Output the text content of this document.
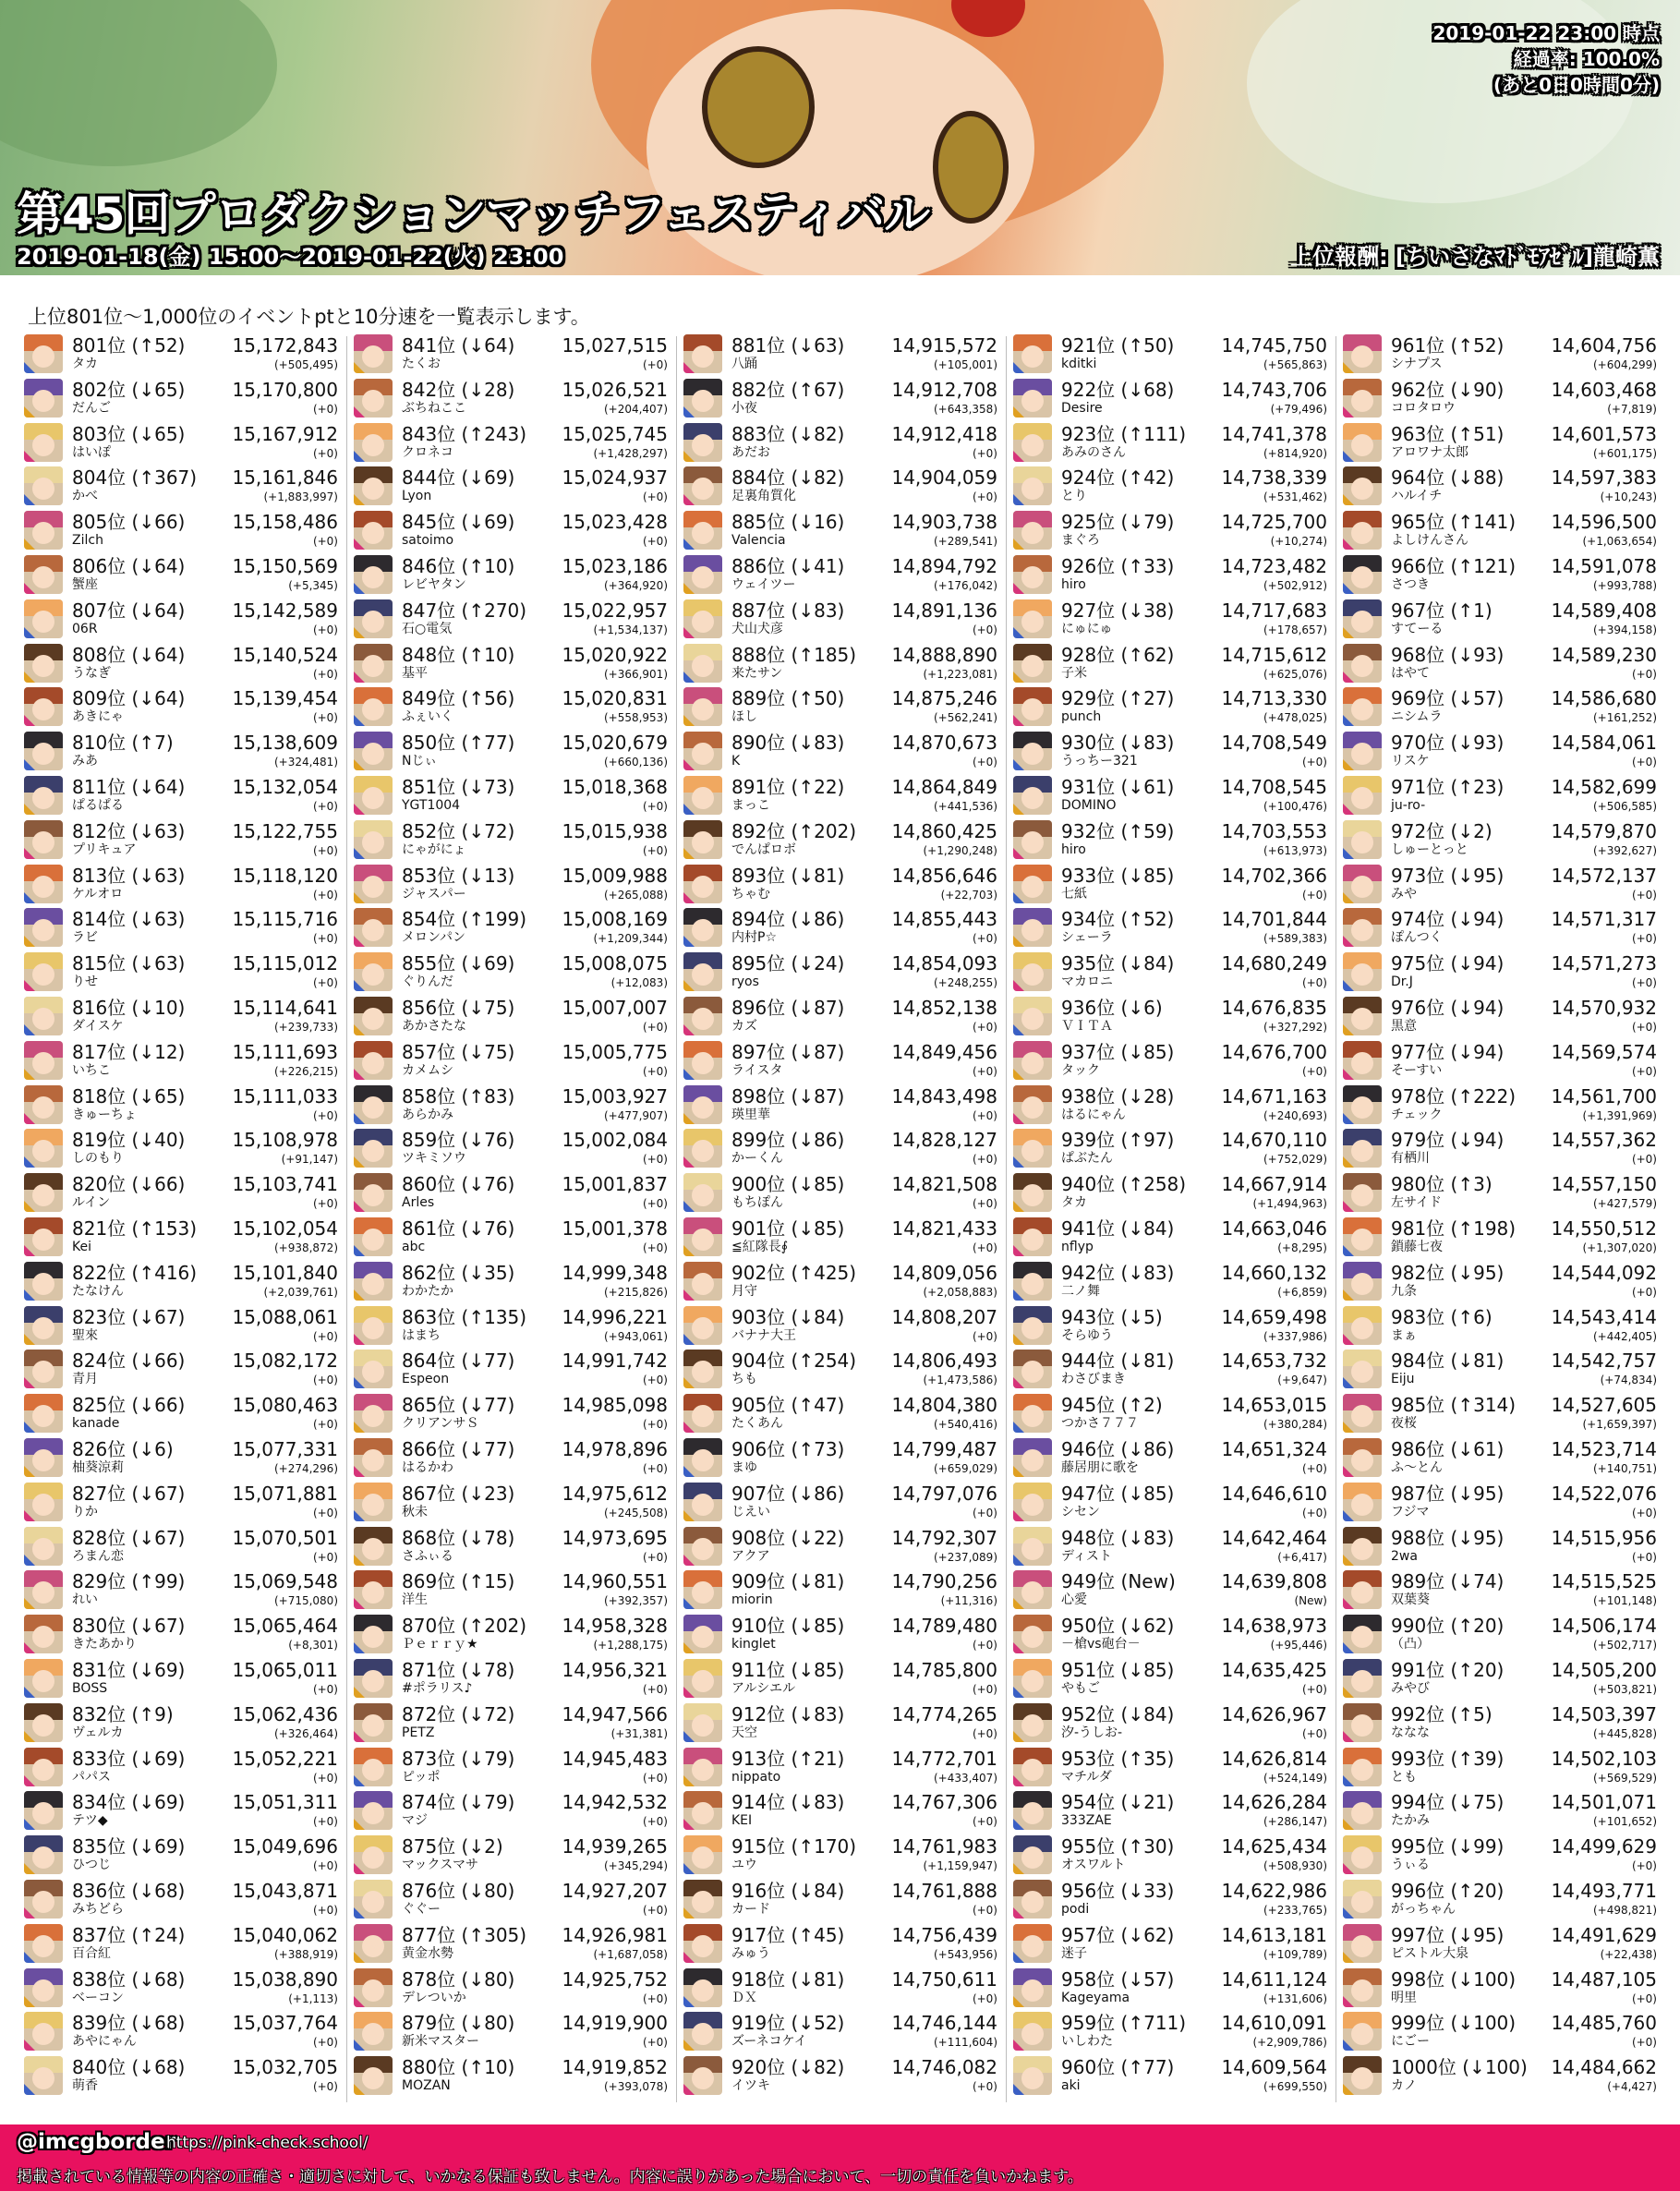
2019-01-22 23:00 時点
経過率: 100.0%
(あと0日0時間0分)
第45回プロダクションマッチフェスティバル
2019-01-18(金) 15:00～2019-01-22(火) 23:00	上位報酬: [ちいさなﾏﾄﾞﾓｱｾﾞﾙ]龍崎薫
上位801位～1,000位のイベントptと10分速を一覧表示します。
801位 (↑52)	15,172,843
タカ	(+505,495)
802位 (↓65)	15,170,800
だんご	(+0)
803位 (↓65)	15,167,912
はいぽ	(+0)
804位 (↑367) 15,161,846
かべ	(+1,883,997)
805位 (↓66)	15,158,486
Zilch	(+0)
806位 (↓64)	15,150,569
蟹座	(+5,345)
807位 (↓64)	15,142,589
06R	(+0)
808位 (↓64)	15,140,524
うなぎ	(+0)
809位 (↓64)	15,139,454
あきにゃ	(+0)
810位 (↑7)	15,138,609
みあ	(+324,481)
811位 (↓64)	15,132,054
ぱるぱる	(+0)
812位 (↓63)	15,122,755
プリキュア	(+0)
813位 (↓63)	15,118,120
ケルオロ	(+0)
814位 (↓63)	15,115,716
ラビ	(+0)
815位 (↓63)	15,115,012
りせ	(+0)
816位 (↓10)	15,114,641
ダイスケ	(+239,733)
817位 (↓12)	15,111,693
いちこ	(+226,215)
818位 (↓65)	15,111,033
きゅーちょ	(+0)
819位 (↓40)	15,108,978
しのもり	(+91,147)
820位 (↓66)	15,103,741
ルイン	(+0)
821位 (↑153) 15,102,054
Kei	(+938,872)
822位 (↑416) 15,101,840
たなけん	(+2,039,761)
823位 (↓67)	15,088,061
聖來	(+0)
824位 (↓66)	15,082,172
青月	(+0)
825位 (↓66)	15,080,463
kanade	(+0)
826位 (↓6)	15,077,331
柚葵涼莉	(+274,296)
827位 (↓67)	15,071,881
りか	(+0)
828位 (↓67)	15,070,501
ろまん恋	(+0)
829位 (↑99)	15,069,548
れい	(+715,080)
830位 (↓67)	15,065,464
きたあかり	(+8,301)
831位 (↓69)	15,065,011
BOSS	(+0)
832位 (↑9)	15,062,436
ヴェルカ	(+326,464)
833位 (↓69)	15,052,221
パパス	(+0)
834位 (↓69)	15,051,311
テツ◆	(+0)
835位 (↓69)	15,049,696
ひつじ	(+0)
836位 (↓68)	15,043,871
みちどら	(+0)
837位 (↑24)	15,040,062
百合紅	(+388,919)
838位 (↓68)	15,038,890
ベーコン	(+1,113)
839位 (↓68)	15,037,764
あやにゃん	(+0)
840位 (↓68)	15,032,705
萌香	(+0)
841位 (↓64)	15,027,515
たくお	(+0)
842位 (↓28)	15,026,521
ぶちねここ	(+204,407)
843位 (↑243) 15,025,745
クロネコ	(+1,428,297)
844位 (↓69)	15,024,937
Lyon	(+0)
845位 (↓69)	15,023,428
satoimo	(+0)
846位 (↑10)	15,023,186
レビヤタン	(+364,920)
847位 (↑270) 15,022,957
石○電気	(+1,534,137)
848位 (↑10)	15,020,922
基平	(+366,901)
849位 (↑56)	15,020,831
ふぇいく	(+558,953)
850位 (↑77)	15,020,679
Nじぃ	(+660,136)
851位 (↓73)	15,018,368
YGT1004	(+0)
852位 (↓72)	15,015,938
にゃがにょ	(+0)
853位 (↓13)	15,009,988
ジャスパー	(+265,088)
854位 (↑199) 15,008,169
メロンパン	(+1,209,344)
855位 (↓69)	15,008,075
ぐりんだ	(+12,083)
856位 (↓75)	15,007,007
あかさたな	(+0)
857位 (↓75)	15,005,775
カメムシ	(+0)
858位 (↑83)	15,003,927
あらかみ	(+477,907)
859位 (↓76)	15,002,084
ツキミソウ	(+0)
860位 (↓76)	15,001,837
Arles	(+0)
861位 (↓76)	15,001,378
abc	(+0)
862位 (↓35)	14,999,348
わかたか	(+215,826)
863位 (↑135) 14,996,221
はまち	(+943,061)
864位 (↓77)	14,991,742
Espeon	(+0)
865位 (↓77)	14,985,098
クリアンサＳ	(+0)
866位 (↓77)	14,978,896
はるかわ	(+0)
867位 (↓23)	14,975,612
秋未	(+245,508)
868位 (↓78)	14,973,695
さふぃる	(+0)
869位 (↑15)	14,960,551
洋生	(+392,357)
870位 (↑202) 14,958,328
Ｐｅｒｒｙ★	(+1,288,175)
871位 (↓78)	14,956,321
#ポラリス♪	(+0)
872位 (↓72)	14,947,566
PETZ	(+31,381)
873位 (↓79)	14,945,483
ピッポ	(+0)
874位 (↓79)	14,942,532
マジ	(+0)
875位 (↓2)	14,939,265
マックスマサ	(+345,294)
876位 (↓80)	14,927,207
ぐぐー	(+0)
877位 (↑305) 14,926,981
黄金水勢	(+1,687,058)
878位 (↓80)	14,925,752
デレついか	(+0)
879位 (↓80)	14,919,900
新米マスター	(+0)
880位 (↑10)	14,919,852
MOZAN	(+393,078)
881位 (↓63)	14,915,572
八踊	(+105,001)
882位 (↑67)	14,912,708
小夜	(+643,358)
883位 (↓82)	14,912,418
あだお	(+0)
884位 (↓82)	14,904,059
足裏角質化	(+0)
885位 (↓16)	14,903,738
Valencia	(+289,541)
886位 (↓41)	14,894,792
ウェイツー	(+176,042)
887位 (↓83)	14,891,136
犬山犬彦	(+0)
888位 (↑185) 14,888,890
来たサン	(+1,223,081)
889位 (↑50)	14,875,246
ほし	(+562,241)
890位 (↓83)	14,870,673
K	(+0)
891位 (↑22)	14,864,849
まっこ	(+441,536)
892位 (↑202) 14,860,425
でんぱロボ	(+1,290,248)
893位 (↓81)	14,856,646
ちゃむ	(+22,703)
894位 (↓86)	14,855,443
内村P☆	(+0)
895位 (↓24)	14,854,093
ryos	(+248,255)
896位 (↓87)	14,852,138
カズ	(+0)
897位 (↓87)	14,849,456
ライスタ	(+0)
898位 (↓87)	14,843,498
瑛里華	(+0)
899位 (↓86)	14,828,127
かーくん	(+0)
900位 (↓85)	14,821,508
もちぽん	(+0)
901位 (↓85)	14,821,433
≦紅隊長∮	(+0)
902位 (↑425) 14,809,056
月守	(+2,058,883)
903位 (↓84)	14,808,207
バナナ大王	(+0)
904位 (↑254) 14,806,493
ちも	(+1,473,586)
905位 (↑47)	14,804,380
たくあん	(+540,416)
906位 (↑73)	14,799,487
まゆ	(+659,029)
907位 (↓86)	14,797,076
じえい	(+0)
908位 (↓22)	14,792,307
アクア	(+237,089)
909位 (↓81)	14,790,256
miorin	(+11,316)
910位 (↓85)	14,789,480
kinglet	(+0)
911位 (↓85)	14,785,800
アルシエル	(+0)
912位 (↓83)	14,774,265
天空	(+0)
913位 (↑21)	14,772,701
nippato	(+433,407)
914位 (↓83)	14,767,306
KEI	(+0)
915位 (↑170) 14,761,983
ユウ	(+1,159,947)
916位 (↓84)	14,761,888
カード	(+0)
917位 (↑45)	14,756,439
みゅう	(+543,956)
918位 (↓81)	14,750,611
ＤＸ	(+0)
919位 (↓52)	14,746,144
ズーネコケイ	(+111,604)
920位 (↓82)	14,746,082
イツキ	(+0)
921位 (↑50)	14,745,750
kditki	(+565,863)
922位 (↓68)	14,743,706
Desire	(+79,496)
923位 (↑111) 14,741,378
あみのさん	(+814,920)
924位 (↑42)	14,738,339
とり	(+531,462)
925位 (↓79)	14,725,700
まぐろ	(+10,274)
926位 (↑33)	14,723,482
hiro	(+502,912)
927位 (↓38)	14,717,683
にゅにゅ	(+178,657)
928位 (↑62)	14,715,612
子米	(+625,076)
929位 (↑27)	14,713,330
punch	(+478,025)
930位 (↓83)	14,708,549
うっちー321	(+0)
931位 (↓61)	14,708,545
DOMINO	(+100,476)
932位 (↑59)	14,703,553
hiro	(+613,973)
933位 (↓85)	14,702,366
七紙	(+0)
934位 (↑52)	14,701,844
シェーラ	(+589,383)
935位 (↓84)	14,680,249
マカロニ	(+0)
936位 (↓6)	14,676,835
ＶＩＴＡ	(+327,292)
937位 (↓85)	14,676,700
タック	(+0)
938位 (↓28)	14,671,163
はるにゃん	(+240,693)
939位 (↑97)	14,670,110
ぱぶたん	(+752,029)
940位 (↑258) 14,667,914
タカ	(+1,494,963)
941位 (↓84)	14,663,046
nflyp	(+8,295)
942位 (↓83)	14,660,132
二ノ舞	(+6,859)
943位 (↓5)	14,659,498
そらゆう	(+337,986)
944位 (↓81)	14,653,732
わさびまき	(+9,647)
945位 (↑2)	14,653,015
つかさ７７７	(+380,284)
946位 (↓86)	14,651,324
藤居朋に歌を	(+0)
947位 (↓85)	14,646,610
シセン	(+0)
948位 (↓83)	14,642,464
ディスト	(+6,417)
949位 (New) 14,639,808
心愛	(New)
950位 (↓62)	14,638,973
－槍vs砲台－	(+95,446)
951位 (↓85)	14,635,425
やもご	(+0)
952位 (↓84)	14,626,967
汐-うしお-	(+0)
953位 (↑35)	14,626,814
マチルダ	(+524,149)
954位 (↓21)	14,626,284
333ZAE	(+286,147)
955位 (↑30)	14,625,434
オスワルト	(+508,930)
956位 (↓33)	14,622,986
podi	(+233,765)
957位 (↓62)	14,613,181
迷子	(+109,789)
958位 (↓57)	14,611,124
Kageyama	(+131,606)
959位 (↑711) 14,610,091
いしわた	(+2,909,786)
960位 (↑77)	14,609,564
aki	(+699,550)
961位 (↑52)	14,604,756
シナプス	(+604,299)
962位 (↓90)	14,603,468
コロタロウ	(+7,819)
963位 (↑51)	14,601,573
アロワナ太郎	(+601,175)
964位 (↓88)	14,597,383
ハルイチ	(+10,243)
965位 (↑141) 14,596,500
よしけんさん	(+1,063,654)
966位 (↑121) 14,591,078
さつき	(+993,788)
967位 (↑1)	14,589,408
すてーる	(+394,158)
968位 (↓93)	14,589,230
はやて	(+0)
969位 (↓57)	14,586,680
ニシムラ	(+161,252)
970位 (↓93)	14,584,061
リスケ	(+0)
971位 (↑23)	14,582,699
ju-ro-	(+506,585)
972位 (↓2)	14,579,870
しゅーとっと	(+392,627)
973位 (↓95)	14,572,137
みや	(+0)
974位 (↓94)	14,571,317
ぽんつく	(+0)
975位 (↓94)	14,571,273
Dr.J	(+0)
976位 (↓94)	14,570,932
黒意	(+0)
977位 (↓94)	14,569,574
そーすい	(+0)
978位 (↑222) 14,561,700
チェック	(+1,391,969)
979位 (↓94)	14,557,362
有栖川	(+0)
980位 (↑3)	14,557,150
左サイド	(+427,579)
981位 (↑198) 14,550,512
鎖藤七夜	(+1,307,020)
982位 (↓95)	14,544,092
九条	(+0)
983位 (↑6)	14,543,414
まぁ	(+442,405)
984位 (↓81)	14,542,757
Eiju	(+74,834)
985位 (↑314) 14,527,605
夜桜	(+1,659,397)
986位 (↓61)	14,523,714
ふ～とん	(+140,751)
987位 (↓95)	14,522,076
フジマ	(+0)
988位 (↓95)	14,515,956
2wa	(+0)
989位 (↓74)	14,515,525
双葉葵	(+101,148)
990位 (↑20)	14,506,174
（凸）	(+502,717)
991位 (↑20)	14,505,200
みやび	(+503,821)
992位 (↑5)	14,503,397
ななな	(+445,828)
993位 (↑39)	14,502,103
とも	(+569,529)
994位 (↓75)	14,501,071
たかみ	(+101,652)
995位 (↓99)	14,499,629
うぃる	(+0)
996位 (↑20)	14,493,771
がっちゃん	(+498,821)
997位 (↓95)	14,491,629
ピストル大泉	(+22,438)
998位 (↓100) 14,487,105
明里	(+0)
999位 (↓100) 14,485,760
にごー	(+0)
1000位 (↓100) 14,484,662
カノ	(+4,427)
@imcgborder
https://pink-check.school/
掲載されている情報等の内容の正確さ・適切さに対して、いかなる保証も致しません。内容に誤りがあった場合において、一切の責任を負いかねます。
